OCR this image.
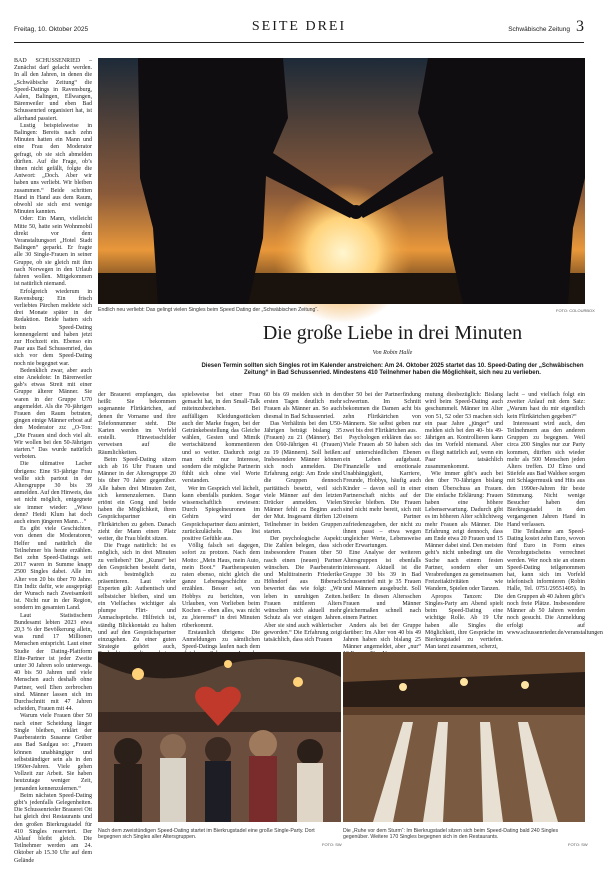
Freitag, 10. Oktober 2025	SEITE DREI	Schwäbische Zeitung 3
Endlich neu verliebt: Das gelingt vielen Singles beim Speed Dating der „Schwäbischen Zeitung“.	FOTO: COLOURBOX
Die große Liebe in drei Minuten
Von Robin Halle
Diesen Termin sollten sich Singles rot im Kalender anstreichen: Am 24. Oktober 2025 startet das 10. Speed-Dating der „Schwäbischen Zeitung“ in Bad Schussenried. Mindestens 410 Teilnehmer haben die Möglichkeit, sich neu zu verlieben.

BAD SCHUSSENRIED – Zunächst darf gelacht werden. In all den Jahren, in denen die „Schwäbische Zeitung“ die Speed-Datings in Ravensburg, Aalen, Balingen, Ellwangen, Bärenweiler und eben Bad Schussenried organisiert hat, ist allerhand passiert.

Lustig beispielsweise in Balingen: Bereits nach zehn Minuten hatten ein Mann und eine Frau den Moderator gefragt, ob sie sich abmelden dürften. Auf die Frage, ob’s ihnen nicht gefällt, folgte die Antwort: „Doch. Aber wir haben uns verliebt. Wir bleiben zusammen.“ Beide schritten Hand in Hand aus dem Raum, obwohl sie sich erst wenige Minuten kannten.

Oder: Ein Mann, vielleicht Mitte 50, hatte sein Wohnmobil direkt vor dem Veranstaltungsort „Hotel Stadt Balingen“ geparkt. Er fragte alle 30 Single-Frauen in seiner Gruppe, ob sie gleich mit ihm nach Norwegen in den Urlaub fahren wollen. Mitgekommen ist natürlich niemand.

Erfolgreich wiederum in Ravensburg: Ein frisch verliebtes Pärchen meldete sich drei Monate später in der Redaktion. Beide hatten sich beim Speed-Dating kennengelernt und haben jetzt zur Hochzeit ein. Ebenso ein Paar aus Bad Schussenried, das sich vor dem Speed-Dating noch nie begegnet war.

Bedenklich zwar, aber auch eine Anekdote: In Bärenweiler gab’s etwas Streit mit einer Gruppe älterer Männer. Sie waren in der Gruppe U70 angemeldet. Als die 70-jährigen Frauen den Raum betraten, gingen einige Männer erbost auf den Moderator zu: „O-Ton: „Die Frauen sind doch viel alt. Wir wollen bei den 50-Jährigen starten.“ Das wurde natürlich verboten.

Die ultimative Lacher übrigens: Eine 93-jährige Frau wollte sich partout in der Altersgruppe 30 bis 39 anmelden. Auf den Hinweis, das sei nicht möglich, entgegnete sie immer wieder: „Wieso denn? Heidi Klum hat doch auch einen jüngeren Mann…“

Es gibt viele Geschichten, von denen die Moderatoren, Helfer und natürlich die Teilnehmer bis heute erzählen. Bei zehn Speed-Datings seit 2017 waren in Summe knapp 2500 Singles dabei. Alle im Alter von 20 bis über 70 Jahre. Ein Indiz dafür, wie ausgeprägt der Wunsch nach Zweisamkeit ist. Nicht nur in der Region, sondern im gesamten Land.

Laut Statistischem Bundesamt lebten 2023 etwa 20,3 % der Bevölkerung allein, was rund 17 Millionen Menschen entspricht. Laut einer Studie der Dating-Plattform Elite-Partner ist jeder Zweite unter 30 Jahren solo unterwegs. 40 bis 50 Jahren und viele Menschen auch deshalb ohne Partner, weil Ehen zerbrochen sind. Männer lassen sich im Durchschnitt mit 47 Jahren scheiden, Frauen mit 44.

Warum viele Frauen über 50 nach einer Scheidung länger Single bleiben, erklärt der Paarberaterin Susanne Grüber aus Bad Saulgau so: „Frauen können unabhängiger und selbstständiger sein als in den 1960er-Jahren. Viele gehen Vollzeit zur Arbeit. Sie haben heutzutage weniger Zeit, jemanden kennenzulernen.“

Beim nächsten Speed-Dating gibt’s jedenfalls Gelegenheiten. Die Schussenrieder Brauerei Ott hat gleich drei Restaurants und den großen Bierkrugstadel für 410 Singles reserviert. Der Ablauf bleibt gleich. Die Teilnehmer werden am 24. Oktober ab 15.30 Uhr auf dem Gelände

der Brauerei empfangen, das heißt: Sie bekommen sogenannte Flirtkärtchen, auf denen ihr Vorname und ihre Telefonnummer steht. Die Karten werden im Vorfeld erstellt. Hinweisschilder verweisen auf die Räumlichkeiten.

Beim Speed-Dating sitzen sich ab 16 Uhr Frauen und Männer in der Altersgruppe 20 bis über 70 Jahre gegenüber. Alle haben drei Minuten Zeit, sich kennenzulernen. Dann ertönt ein Gong und beide haben die Möglichkeit, ihren Gesprächspartner ein Flirtkärtchen zu geben. Danach zieht der Mann einen Platz weiter, die Frau bleibt sitzen.

Die Frage natürlich: Ist es möglich, sich in drei Minuten zu verlieben? Die „Kunst“ bei den Gesprächen besteht darin, sich bestmöglich zu präsentieren. Laut vieler Experten gilt: Authentisch und selbstsicher bleiben, sind um ein Vielfaches wichtiger als plumpe Flirt- und Anmachsprüche. Hilfreich ist, ständig Blickkontakt zu halten und auf den Gesprächspartner einzugehen. Zu einer guten Strategie gehört auch,

spielsweise bei einer Frau gemacht hat, in den Small-Talk miteinzubeziehen. Bei auffälligen Kleidungsstücken auch der Marke fragen, bei der Getränkebestellung das Gleiche wählen, Gesten und Mimik wertschätzend kommentieren und so weiter. Dadurch zeigt man nicht nur Interesse, sondern die mögliche Partnerin fühlt sich ohne viel Worte verstanden.

Wer im Gespräch viel lächelt, kann ebenfalls punkten. Sogar wissenschaftlich erwiesen: Durch Spiegelneuronen im Gehirn wird der Gesprächspartner dazu animiert, zurückzulächeln. Das löst positive Gefühle aus.

Völlig falsch sei dagegen, sofort zu protzen. Nach dem Motto: „Mein Haus, mein Auto, mein Boot.“ Paartherapeuten raten ebenso, nicht gleich die ganze Lebensgeschichte zu erzählen. Besser sei, von Hobbys zu berichten, von Urlauben, von Vorlieben beim Kochen – eben alles, was nicht zu „bierernst“ in drei Minuten rüberkommt.

Erstaunlich übrigens: Die Anmeldungen zu sämtlichen Speed-Datings laufen nach dem

60 bis 69 melden sich in den ersten Tagen deutlich mehr Frauen als Männer an. So auch diesmal in Bad Schussenried.

Das Verhältnis bei den U50-Jährigen beträgt bislang 35 (Frauen) zu 21 (Männer). Bei den Ü60-Jährigen 41 (Frauen) zu 19 (Männern). Soll heißen: Insbesondere Männer können sich noch anmelden. Die Erfahrung zeigt: Am Ende sind die Gruppen dennoch paritätisch besetzt, weil sich viele Männer auf den letzten Drücker anmelden. Vielen Männer fehlt zu Beginn auch der Mut. Insgesamt dürften 120 Teilnehmer in beiden Gruppen starten.

Der psychologische Aspekt: Die Zahlen belegen, dass sich insbesondere Frauen über 50 rasch einen (neuen) Partner wünschen. Die Paarberaterin und Multitrainerin Friederike Höhndorf aus Biberach bewertet das wie folgt: „Wir leben in unruhigen Zeiten. Frauen mittleren Alters wünschen sich aktuell mehr Schutz als vor einigen Jahren. Aber sie sind auch wählerischer geworden.“ Die Erfahrung zeigt tatsächlich, dass sich Frauen

über 50 bei der Partnerfindung schwertun. Im Schnitt bekommen die Damen acht bis zehn Flirtkärtchen von Männern. Sie selbst geben nur zwei bis drei Flirtkärtchen aus.

Psychologen erklären das so: Viele Frauen ab 50 haben sich auf unterschiedlichen Ebenen ein Leben aufgebaut. Finanzielle und emotionale Unabhängigkeit, Karriere, Freunde, Hobbys, häufig auch Kinder – davon soll in einer Partnerschaft nichts auf der Strecke bleiben. Die Frauen sind nicht mehr bereit, sich mit einem Partner zufriedenzugeben, der nicht zu ihnen passt – etwa wegen ungleicher Werte, Lebensweise oder Erwartungen.

Eine Analyse der weiteren Altersgruppen ist ebenfalls interessant. Aktuell ist die Gruppe 30 bis 39 in Bad Schussenried mit je 35 Frauen und Männern ausgebucht. Soll heißen: In diesen Altersschen Frauen und Männer gleichermaßen schnell nach einem Partner.

Anders als bei der Gruppe darüber: Im Alter von 40 bis 49 Jahren haben sich bislang 25 Männer angemeldet, aber „nur“

mutung diesbezüglich: Bislang wird beim Speed-Dating auch geschummelt. Männer im Alter von 51, 52 oder 53 machen sich ein paar Jahre „jünger“ und melden sich bei den 40- bis 49-Jährigen an. Kontrollieren kann das im Vorfeld niemand. Aber es fliegt natürlich auf, wenn ein Paar tatsächlich zusammenkommt.

Wie immer gibt’s auch bei den über 70-Jährigen bislang einen Überschuss an Frauen. Die einfache Erklärung: Frauen haben eine höhere Lebenserwartung. Dadurch gibt es im höheren Alter schlichtweg mehr Frauen als Männer. Die Erfahrung zeigt dennoch, dass am Ende etwa 20 Frauen und 15 Männer dabei sind. Den meisten geht’s nicht unbedingt um die Suche nach einem festen Partner, sondern eher um Verabredungen zu gemeinsamen Freizeitaktivitäten wie Wandern, Spielen oder Tanzen.

Apropos Tanzen: Die Singles-Party am Abend spielt beim Speed-Dating eine wichtige Rolle. Ab 19 Uhr haben alle Singles die Möglichkeit, ihre Gespräche im Bierkrugstadel zu vertiefen. Man tanzt zusammen, scherzt,

lacht – und vielfach folgt ein zweiter Anlauf mit dem Satz: „Warum hast du mir eigentlich kein Flirtkärtchen gegeben?“

Interessant wird auch, den Teilnehmern aus den anderen Gruppen zu begegnen. Weil circa 200 Singles nur zur Party kommen, dürften sich wieder mehr als 500 Menschen jeden Alters treffen. DJ Elmo und Stiefele aus Bad Waldsee sorgen mit Schlagermusik und Hits aus den 1990er-Jahren für beste Stimmung. Nicht wenige Besucher haben den Bierkrugstadel in den vergangenen Jahren Hand in Hand verlassen.

Die Teilnahme am Speed-Dating kostet zehn Euro, wovon fünf Euro in Form eines Verzehrgutscheins verrechnet werden. Wer noch nie an einem Speed-Dating teilgenommen hat, kann sich im Vorfeld telefonisch informieren (Robin Halle, Tel. 0751/29551405). In den Gruppen ab 40 Jahren gibt’s noch freie Plätze. Insbesondere Männer ab 50 Jahren werden noch gesucht. Die Anmeldung erfolgt auf www.schussenrieder.de/veranstaltungen

Nach dem zweistündigen Speed-Dating startet im Bierkrugstadel eine große Single-Party. Dort begegnen sich Singles aller Altersgruppen.
FOTO: SW
Die „Ruhe vor dem Sturm“: Im Bierkrugstadel sitzen sich beim Speed-Dating bald 240 Singles gegenüber. Weitere 170 Singles begegnen sich in den Restaurants.
FOTO: SW
